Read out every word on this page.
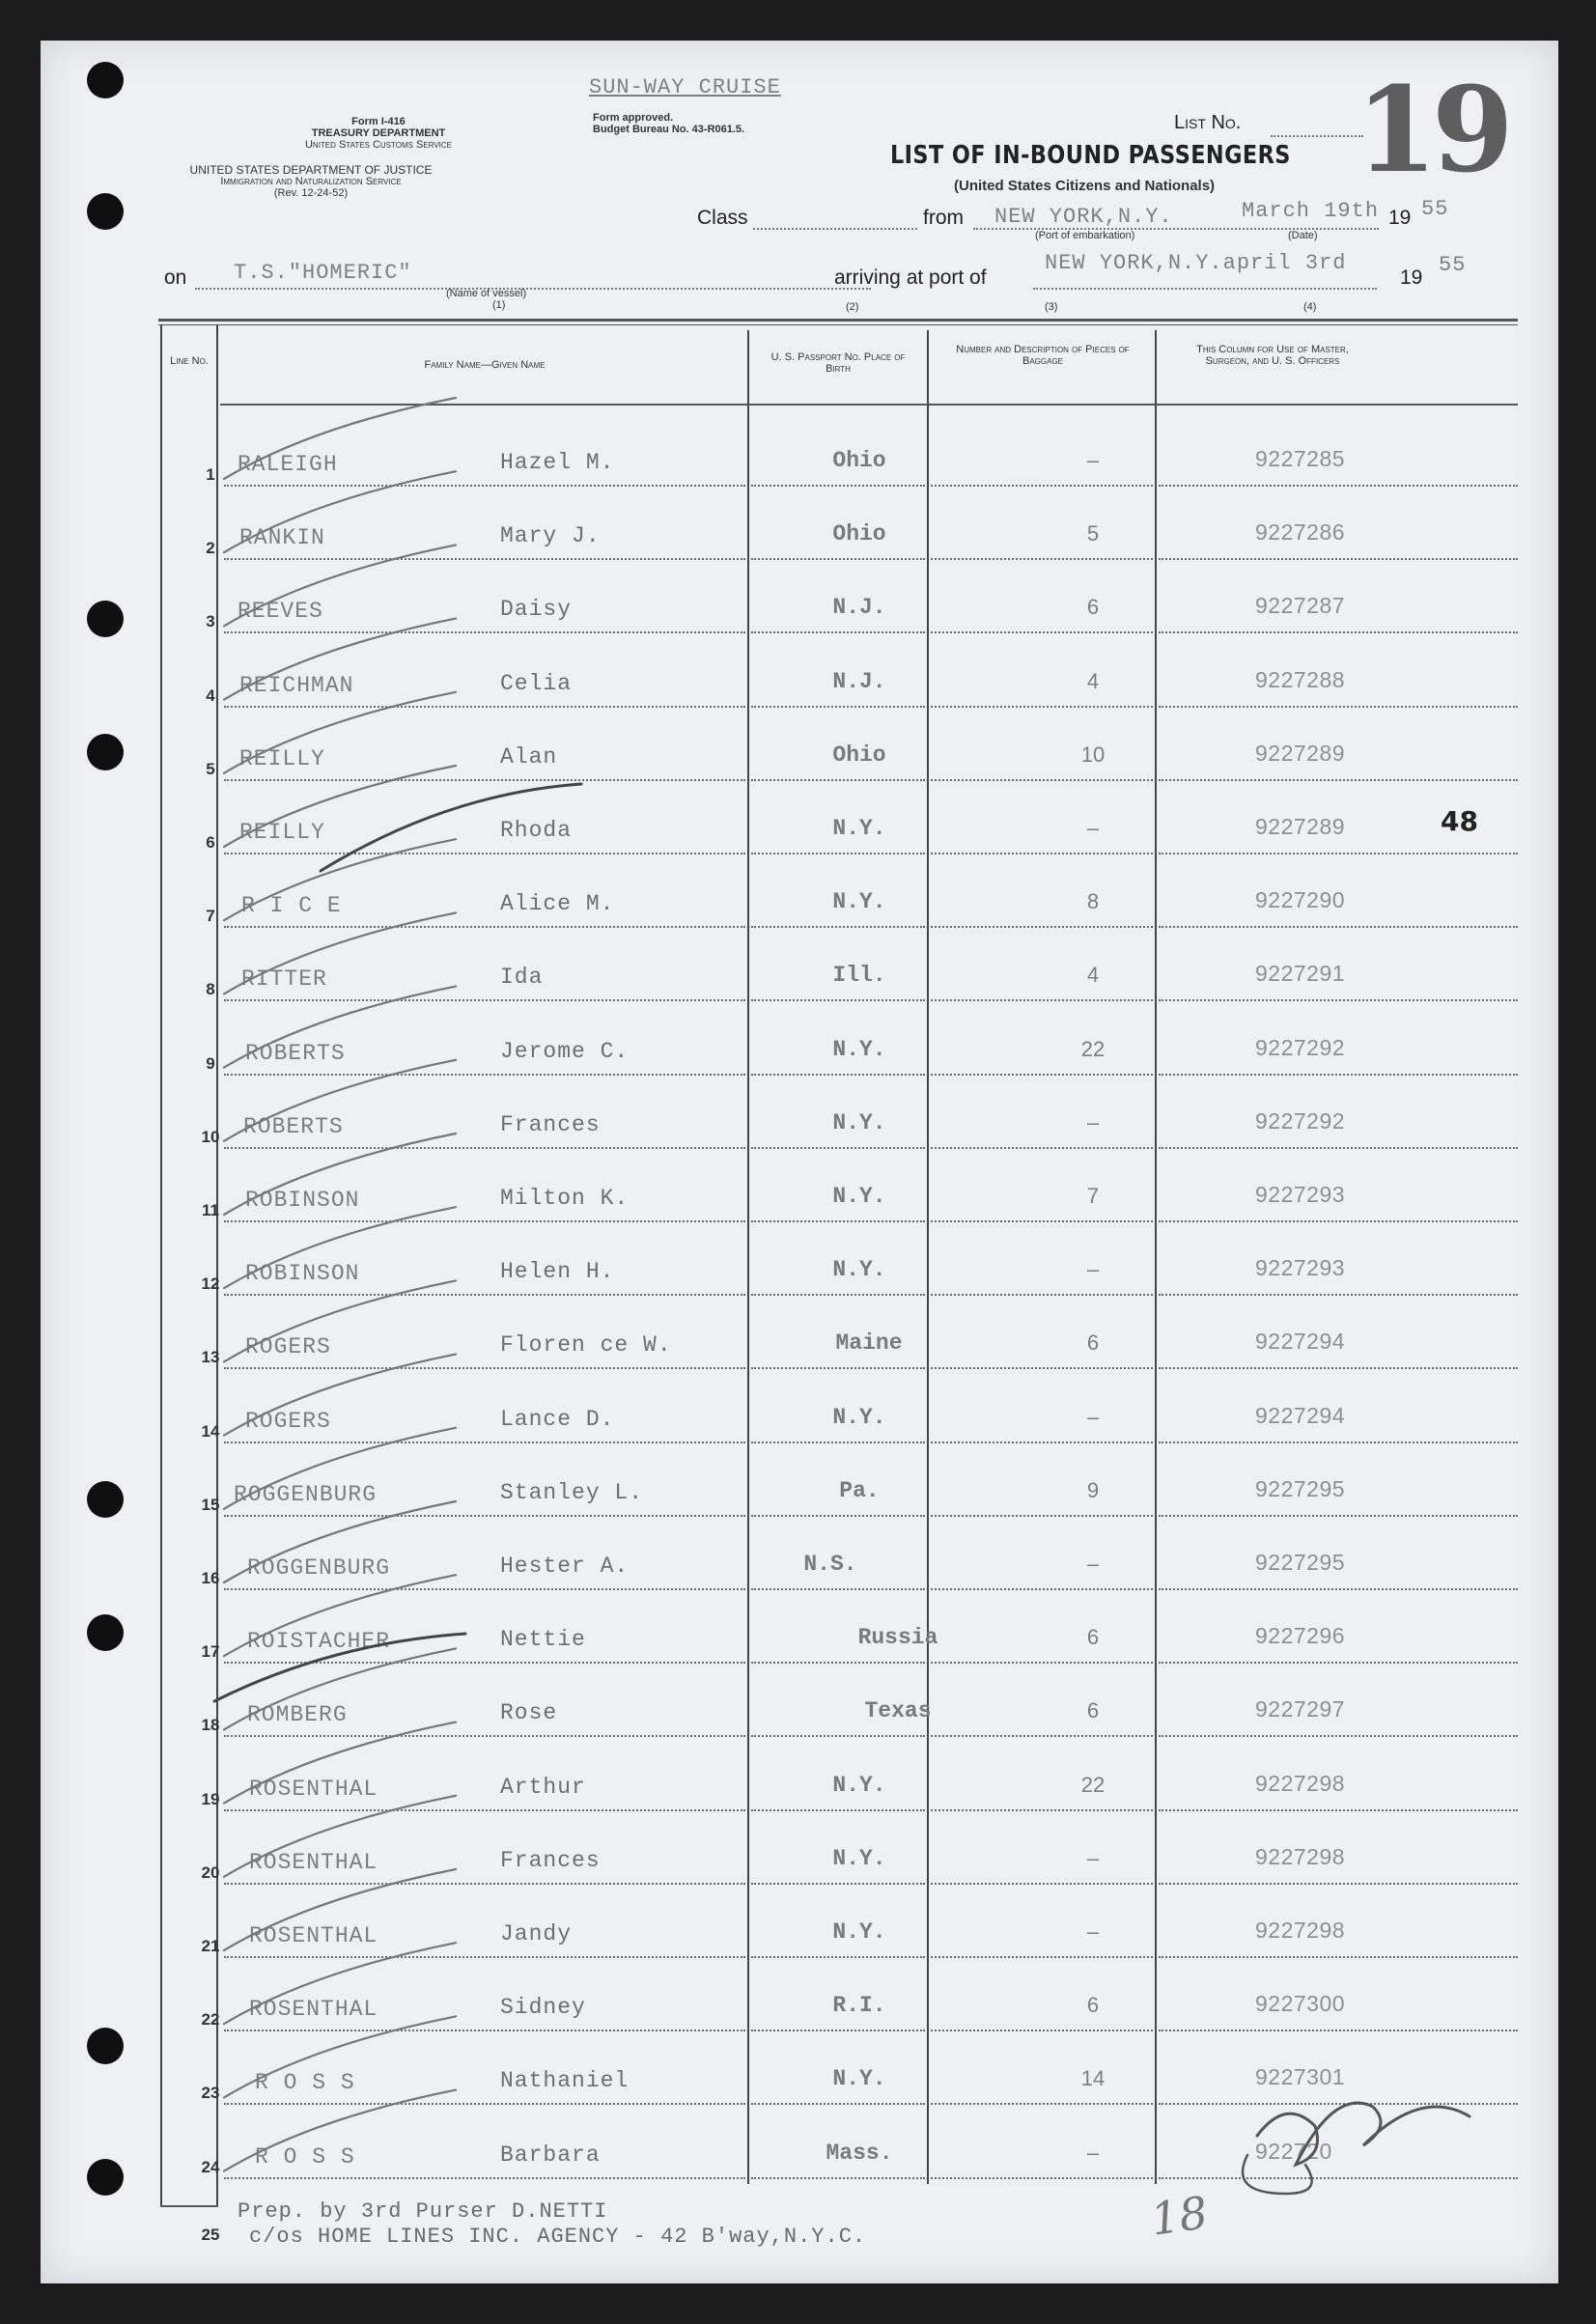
Form I-416
TREASURY DEPARTMENT
United States Customs Service
UNITED STATES DEPARTMENT OF JUSTICE
Immigration and Naturalization Service
(Rev. 12-24-52)
SUN-WAY CRUISE
Form approved.
Budget Bureau No. 43-R061.5.	List No. 19
LIST OF IN-BOUND PASSENGERS
(United States Citizens and Nationals)
Class	from NEW YORK,N.Y.	March 19th 19 55
(Port of embarkation)	(Date)
on T.S."HOMERIC"
(Name of vessel)
arriving at port of
NEW YORK,N.Y.april 3rd
19
55
(1)	(2)	(3)	(4)
Line No.	Family Name—Given Name
U. S. Passport No. Place of Birth
Number and Description of Pieces of Baggage
This Column for Use of Master, Surgeon, and U. S. Officers
1	RALEIGH	Hazel M.	Ohio	–	9227285
2	RANKIN	Mary J.	Ohio	5	9227286
3	REEVES	Daisy	N.J.	6	9227287
4	REICHMAN	Celia	N.J.	4	9227288
5	REILLY	Alan	Ohio	10	9227289
6	REILLY	Rhoda	N.Y.	–	9227289
7	R I C E	Alice M.	N.Y.	8	9227290
8	RITTER	Ida	Ill.	4	9227291
9	ROBERTS	Jerome C.	N.Y.	22	9227292
10	ROBERTS	Frances	N.Y.	–	9227292
11	ROBINSON	Milton K.	N.Y.	7	9227293
12	ROBINSON	Helen H.	N.Y.	–	9227293
13	ROGERS	Floren ce W.	Maine	6	9227294
14	ROGERS	Lance D.	N.Y.	–	9227294
15 ROGGENBURG	Stanley L.	Pa.	9	9227295
16	ROGGENBURG	Hester A.	N.S.	–	9227295
17	ROISTACHER	Nettie	Russia	6	9227296
18	ROMBERG	Rose	Texas	6	9227297
19	ROSENTHAL	Arthur	N.Y.	22	9227298
20	ROSENTHAL	Frances	N.Y.	–	9227298
21	ROSENTHAL	Jandy	N.Y.	–	9227298
22	ROSENTHAL	Sidney	R.I.	6	9227300
23	R O S S	Nathaniel	N.Y.	14	9227301
24	R O S S	Barbara	Mass.	–	922720
25
48
Prep. by 3rd Purser D.NETTI
c/os HOME LINES INC. AGENCY - 42 B'way,N.Y.C.	18
